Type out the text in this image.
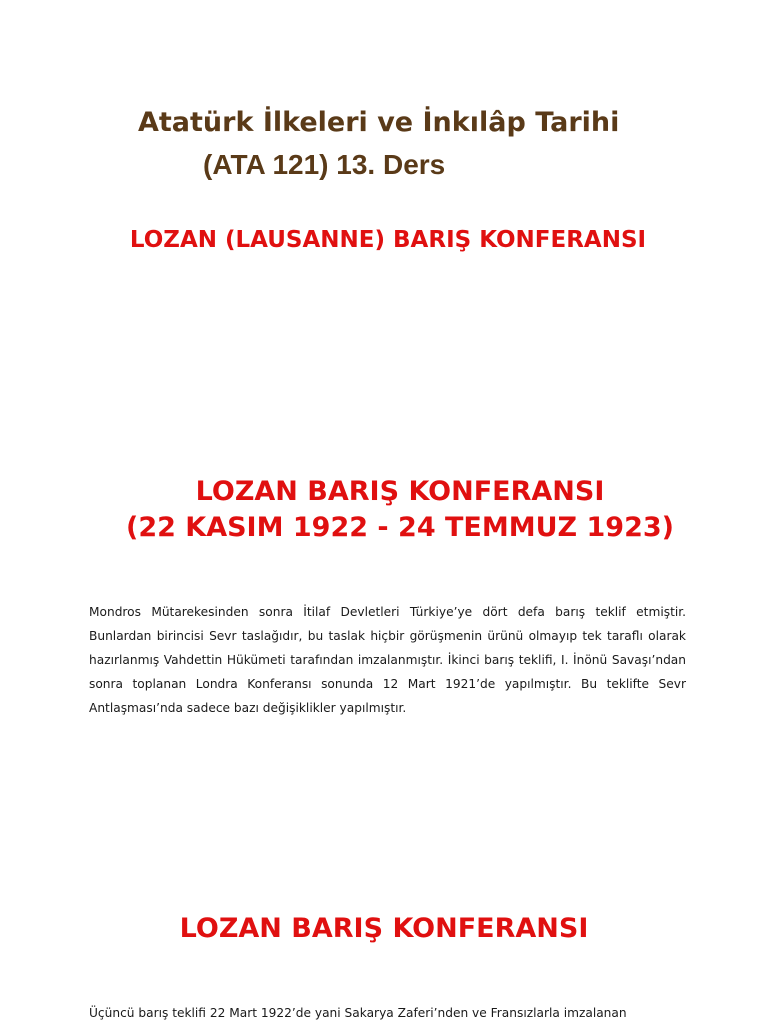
Atatürk İlkeleri ve İnkılâp Tarihi
(ATA 121) 13. Ders
LOZAN (LAUSANNE) BARIŞ KONFERANSI
LOZAN BARIŞ KONFERANSI
(22 KASIM 1922 - 24 TEMMUZ 1923)

Mondros Mütarekesinden sonra İtilaf Devletleri Türkiye’ye dört defa barış teklif etmiştir. Bunlardan birincisi Sevr taslağıdır, bu taslak hiçbir görüşmenin ürünü olmayıp tek taraflı olarak hazırlanmış Vahdettin Hükümeti tarafından imzalanmıştır. İkinci barış teklifi, I. İnönü Savaşı’ndan sonra toplanan Londra Konferansı sonunda 12 Mart 1921’de yapılmıştır. Bu teklifte Sevr Antlaşması’nda sadece bazı değişiklikler yapılmıştır.

LOZAN BARIŞ KONFERANSI

Üçüncü barış teklifi 22 Mart 1922’de yani Sakarya Zaferi’nden ve Fransızlarla imzalanan
